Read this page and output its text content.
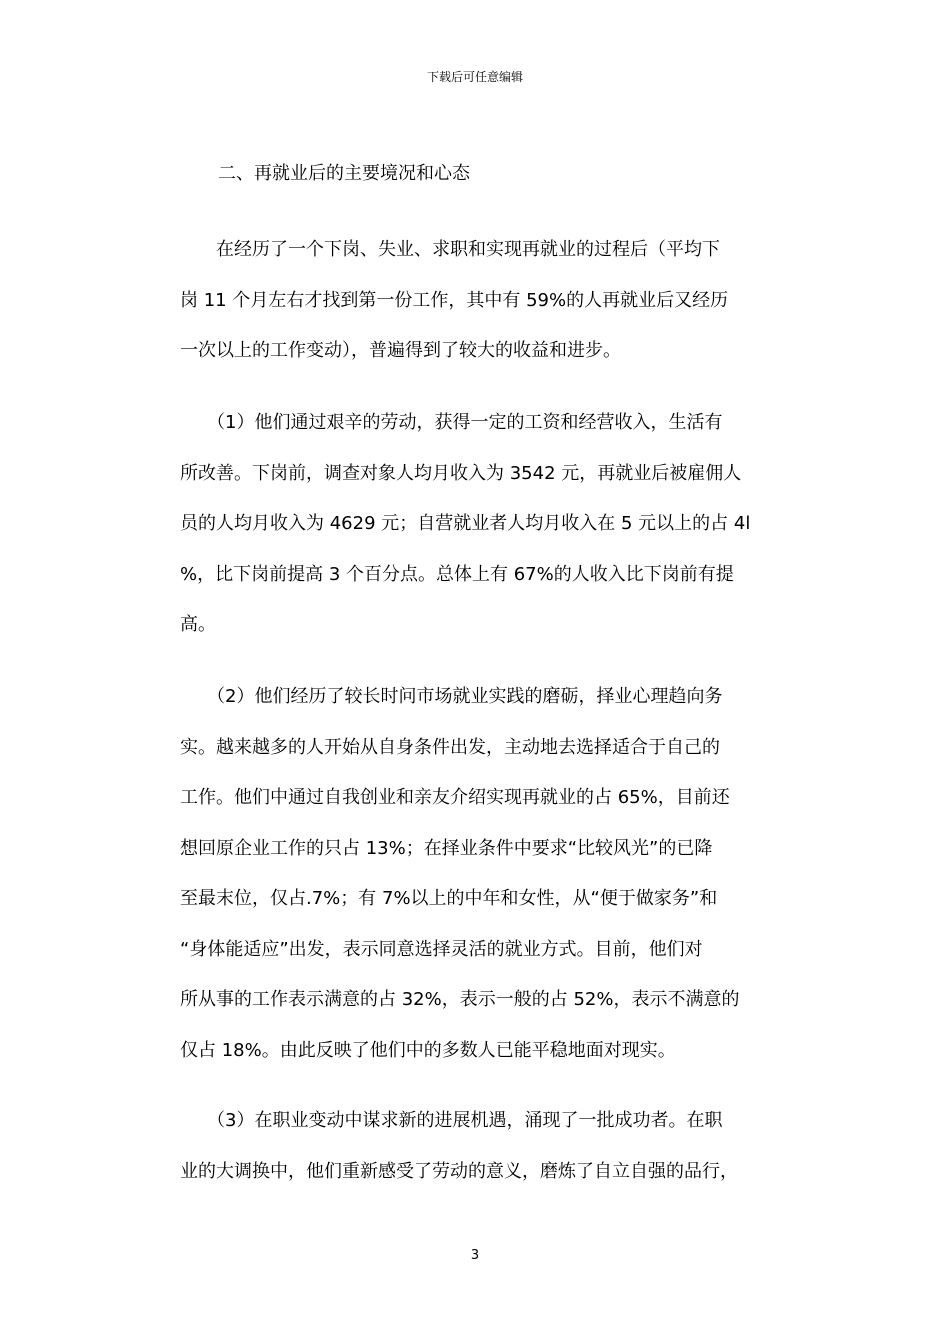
下载后可任意编辑
二、再就业后的主要境况和心态
　　在经历了一个下岗、失业、求职和实现再就业的过程后（平均下
岗 11 个月左右才找到第一份工作，其中有 59%的人再就业后又经历
一次以上的工作变动），普遍得到了较大的收益和进步。
　　（1）他们通过艰辛的劳动，获得一定的工资和经营收入，生活有
所改善。下岗前，调查对象人均月收入为 3542 元，再就业后被雇佣人
员的人均月收入为 4629 元；自营就业者人均月收入在 5 元以上的占 4l
%，比下岗前提高 3 个百分点。总体上有 67%的人收入比下岗前有提
高。
　　（2）他们经历了较长时问市场就业实践的磨砺，择业心理趋向务
实。越来越多的人开始从自身条件出发，主动地去选择适合于自己的
工作。他们中通过自我创业和亲友介绍实现再就业的占 65%，目前还
想回原企业工作的只占 13%；在择业条件中要求“比较风光”的已降
至最末位，仅占.7%；有 7%以上的中年和女性，从“便于做家务”和
“身体能适应”出发，表示同意选择灵活的就业方式。目前，他们对
所从事的工作表示满意的占 32%，表示一般的占 52%，表示不满意的
仅占 18%。由此反映了他们中的多数人已能平稳地面对现实。
　　（3）在职业变动中谋求新的进展机遇，涌现了一批成功者。在职
业的大调换中，他们重新感受了劳动的意义，磨炼了自立自强的品行，
3
